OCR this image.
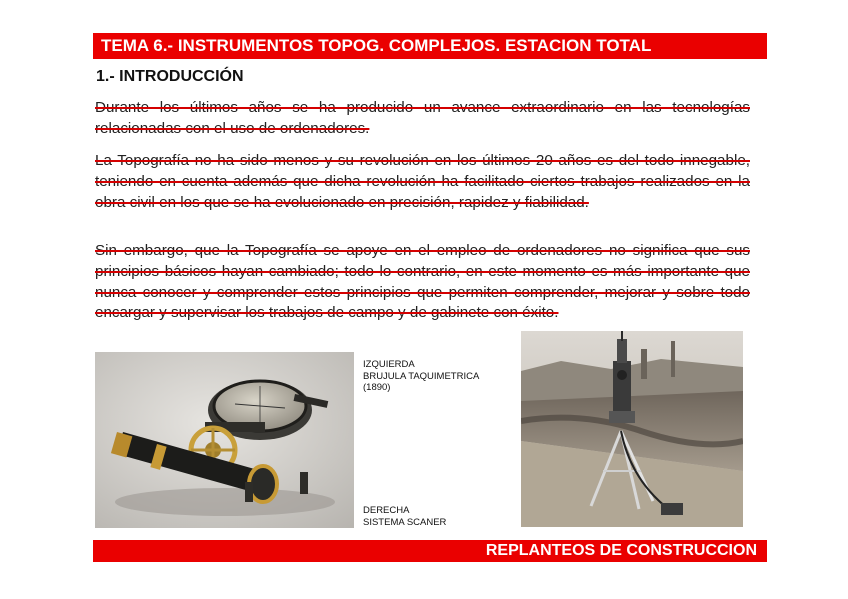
TEMA 6.- INSTRUMENTOS TOPOG. COMPLEJOS. ESTACION TOTAL
1.- INTRODUCCIÓN

Durante los últimos años se ha producido un avance extraordinario en las tecnologías relacionadas con el uso de ordenadores.

La Topografía no ha sido menos y su revolución en los últimos 20 años es del todo innegable, teniendo en cuenta además que dicha revolución ha facilitado ciertos trabajos realizados en la obra civil en los que se ha evolucionado en precisión, rapidez y fiabilidad.

Sin embargo, que la Topografía se apoye en el empleo de ordenadores no significa que sus principios básicos hayan cambiado; todo lo contrario, en este momento es más importante que nunca conocer y comprender estos principios que permiten comprender, mejorar y sobre todo encargar y supervisar los trabajos de campo y de gabinete con éxito.

IZQUIERDA
BRUJULA TAQUIMETRICA
(1890)
DERECHA
SISTEMA SCANER
REPLANTEOS DE CONSTRUCCION
